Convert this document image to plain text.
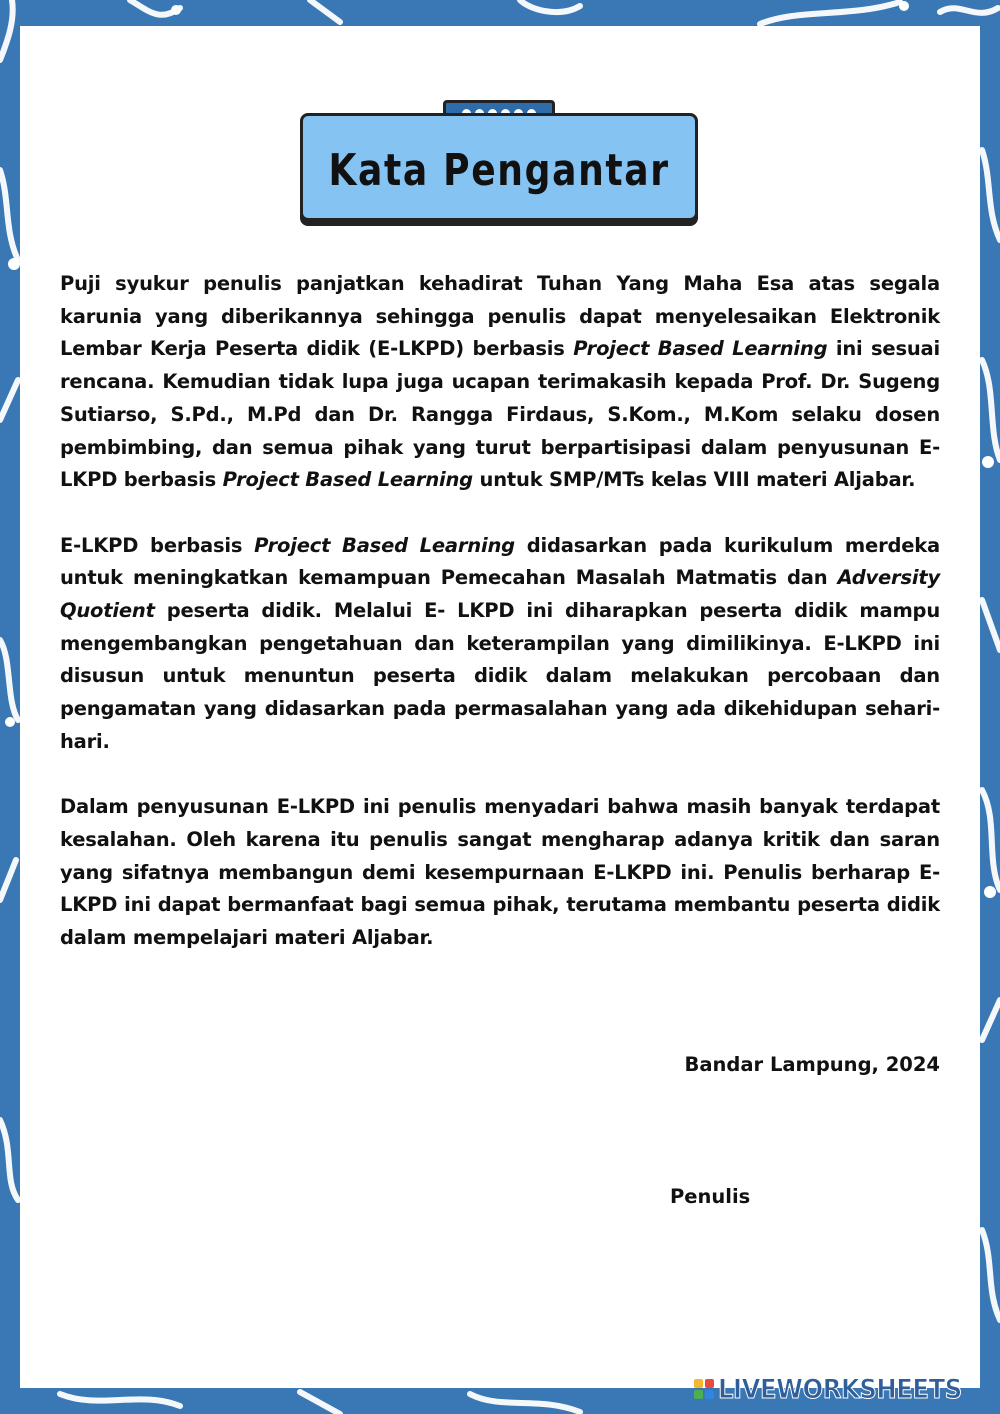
Kata Pengantar

Puji syukur penulis panjatkan kehadirat Tuhan Yang Maha Esa atas segala karunia yang diberikannya sehingga penulis dapat menyelesaikan Elektronik Lembar Kerja Peserta didik (E-LKPD) berbasis Project Based Learning ini sesuai rencana. Kemudian tidak lupa juga ucapan terimakasih kepada Prof. Dr. Sugeng Sutiarso, S.Pd., M.Pd dan Dr. Rangga Firdaus, S.Kom., M.Kom selaku dosen pembimbing, dan semua pihak yang turut berpartisipasi dalam penyusunan E-LKPD berbasis Project Based Learning untuk SMP/MTs kelas VIII materi Aljabar.

E-LKPD berbasis Project Based Learning didasarkan pada kurikulum merdeka untuk meningkatkan kemampuan Pemecahan Masalah Matmatis dan Adversity Quotient peserta didik. Melalui E- LKPD ini diharapkan peserta didik mampu mengembangkan pengetahuan dan keterampilan yang dimilikinya. E-LKPD ini disusun untuk menuntun peserta didik dalam melakukan percobaan dan pengamatan yang didasarkan pada permasalahan yang ada dikehidupan sehari-hari.

Dalam penyusunan E-LKPD ini penulis menyadari bahwa masih banyak terdapat kesalahan. Oleh karena itu penulis sangat mengharap adanya kritik dan saran yang sifatnya membangun demi kesempurnaan E-LKPD ini. Penulis berharap E-LKPD ini dapat bermanfaat bagi semua pihak, terutama membantu peserta didik dalam mempelajari materi Aljabar.

Bandar Lampung, 2024
Penulis
LIVEWORKSHEETS
